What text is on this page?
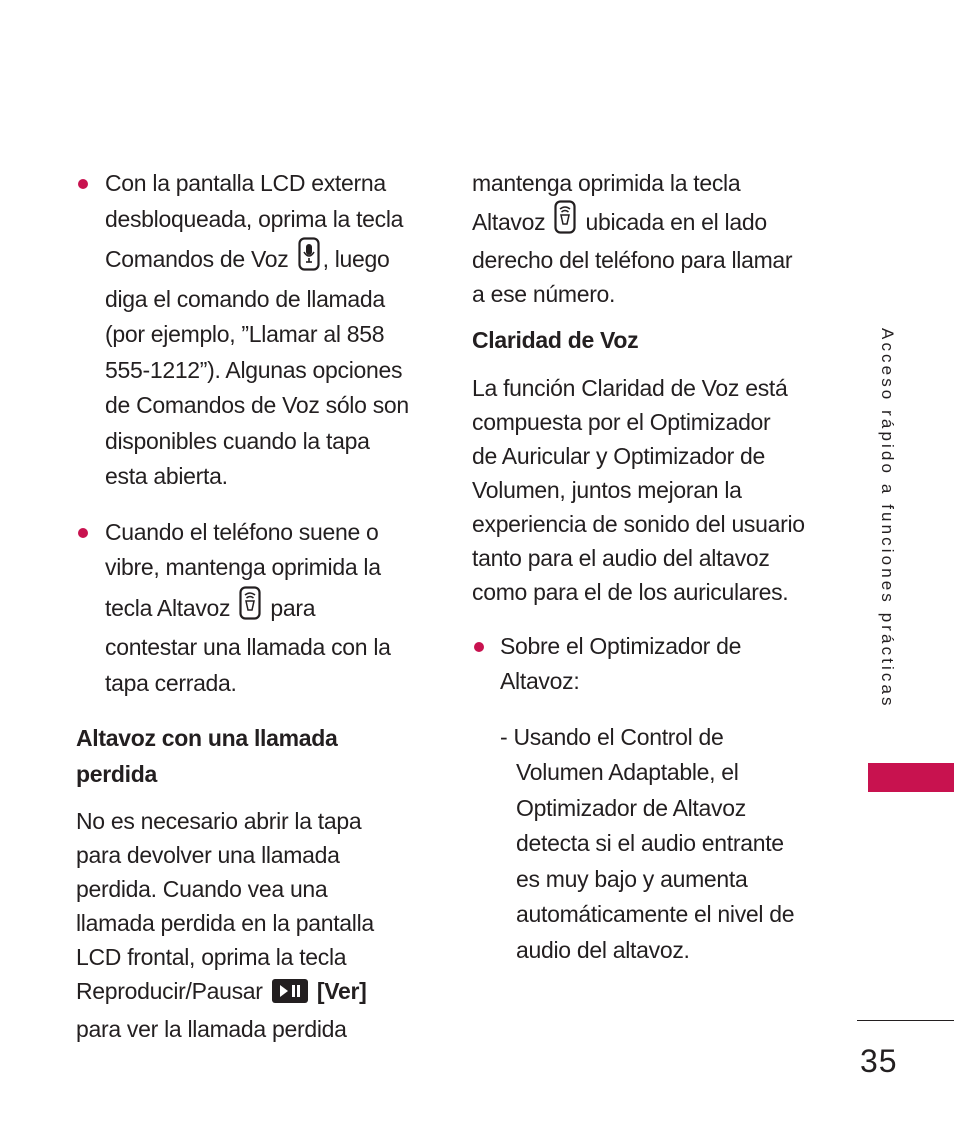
Con la pantalla LCD externa
desbloqueada, oprima la tecla
Comandos de Voz , luego
diga el comando de llamada
(por ejemplo, ”Llamar al 858
555-1212”). Algunas opciones
de Comandos de Voz sólo son
disponibles cuando la tapa
esta abierta.
Cuando el teléfono suene o
vibre, mantenga oprimida la
tecla Altavoz para
contestar una llamada con la
tapa cerrada.
Altavoz con una llamada
perdida
No es necesario abrir la tapa
para devolver una llamada
perdida. Cuando vea una
llamada perdida en la pantalla
LCD frontal, oprima la tecla
Reproducir/Pausar [Ver]
para ver la llamada perdida
mantenga oprimida la tecla
Altavoz ubicada en el lado
derecho del teléfono para llamar
a ese número.
Claridad de Voz
La función Claridad de Voz está
compuesta por el Optimizador
de Auricular y Optimizador de
Volumen, juntos mejoran la
experiencia de sonido del usuario
tanto para el audio del altavoz
como para el de los auriculares.
Sobre el Optimizador de
Altavoz:
- Usando el Control de
Volumen Adaptable, el
Optimizador de Altavoz
detecta si el audio entrante
es muy bajo y aumenta
automáticamente el nivel de
audio del altavoz.
Acceso rápido a funciones prácticas
35
